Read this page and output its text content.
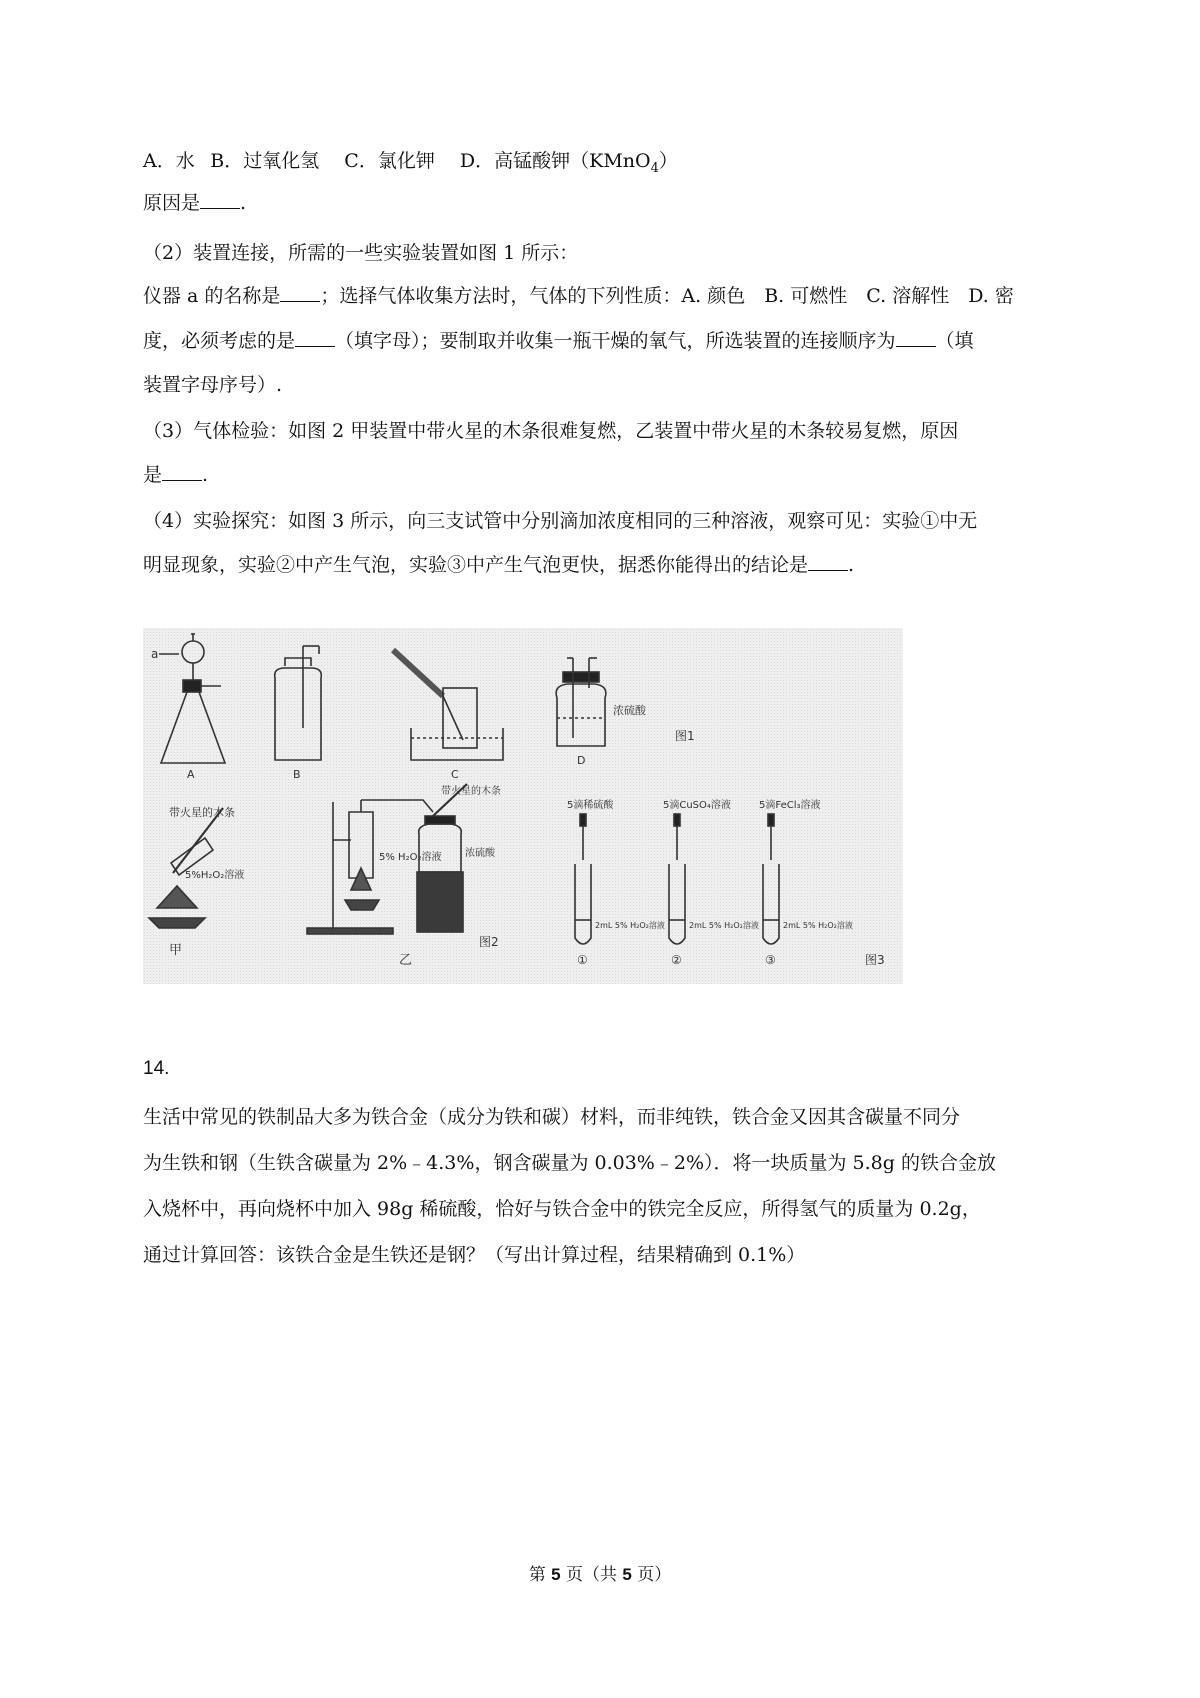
A．水  B．过氧化氢   C．氯化钾   D．高锰酸钾（KMnO$_4$）
原因是 .
（2）装置连接，所需的一些实验装置如图 1 所示：
仪器 a 的名称是 ；选择气体收集方法时，气体的下列性质：A. 颜色　B. 可燃性　C. 溶解性　D. 密
度，必须考虑的是 （填字母）；要制取并收集一瓶干燥的氧气，所选装置的连接顺序为 （填
装置字母序号）.
（3）气体检验：如图 2 甲装置中带火星的木条很难复燃，乙装置中带火星的木条较易复燃，原因
是 .
（4）实验探究：如图 3 所示，向三支试管中分别滴加浓度相同的三种溶液，观察可见：实验①中无
明显现象，实验②中产生气泡，实验③中产生气泡更快，据悉你能得出的结论是 .
a
A	B	C
浓硫酸
D
图1
带火星的木条
5%H₂O₂溶液
甲
5% H₂O₂溶液
带火星的木条
浓硫酸
乙
图2
5滴稀硫酸
2mL 5% H₂O₂溶液
①
5滴CuSO₄溶液
2mL 5% H₂O₂溶液
②
5滴FeCl₃溶液
2mL 5% H₂O₂溶液
③	图3
14.
生活中常见的铁制品大多为铁合金（成分为铁和碳）材料，而非纯铁，铁合金又因其含碳量不同分
为生铁和钢（生铁含碳量为 2%﹣4.3%，钢含碳量为 0.03%﹣2%）．将一块质量为 5.8g 的铁合金放
入烧杯中，再向烧杯中加入 98g 稀硫酸，恰好与铁合金中的铁完全反应，所得氢气的质量为 0.2g，
通过计算回答：该铁合金是生铁还是钢？（写出计算过程，结果精确到 0.1%）
第 5 页（共 5 页）
